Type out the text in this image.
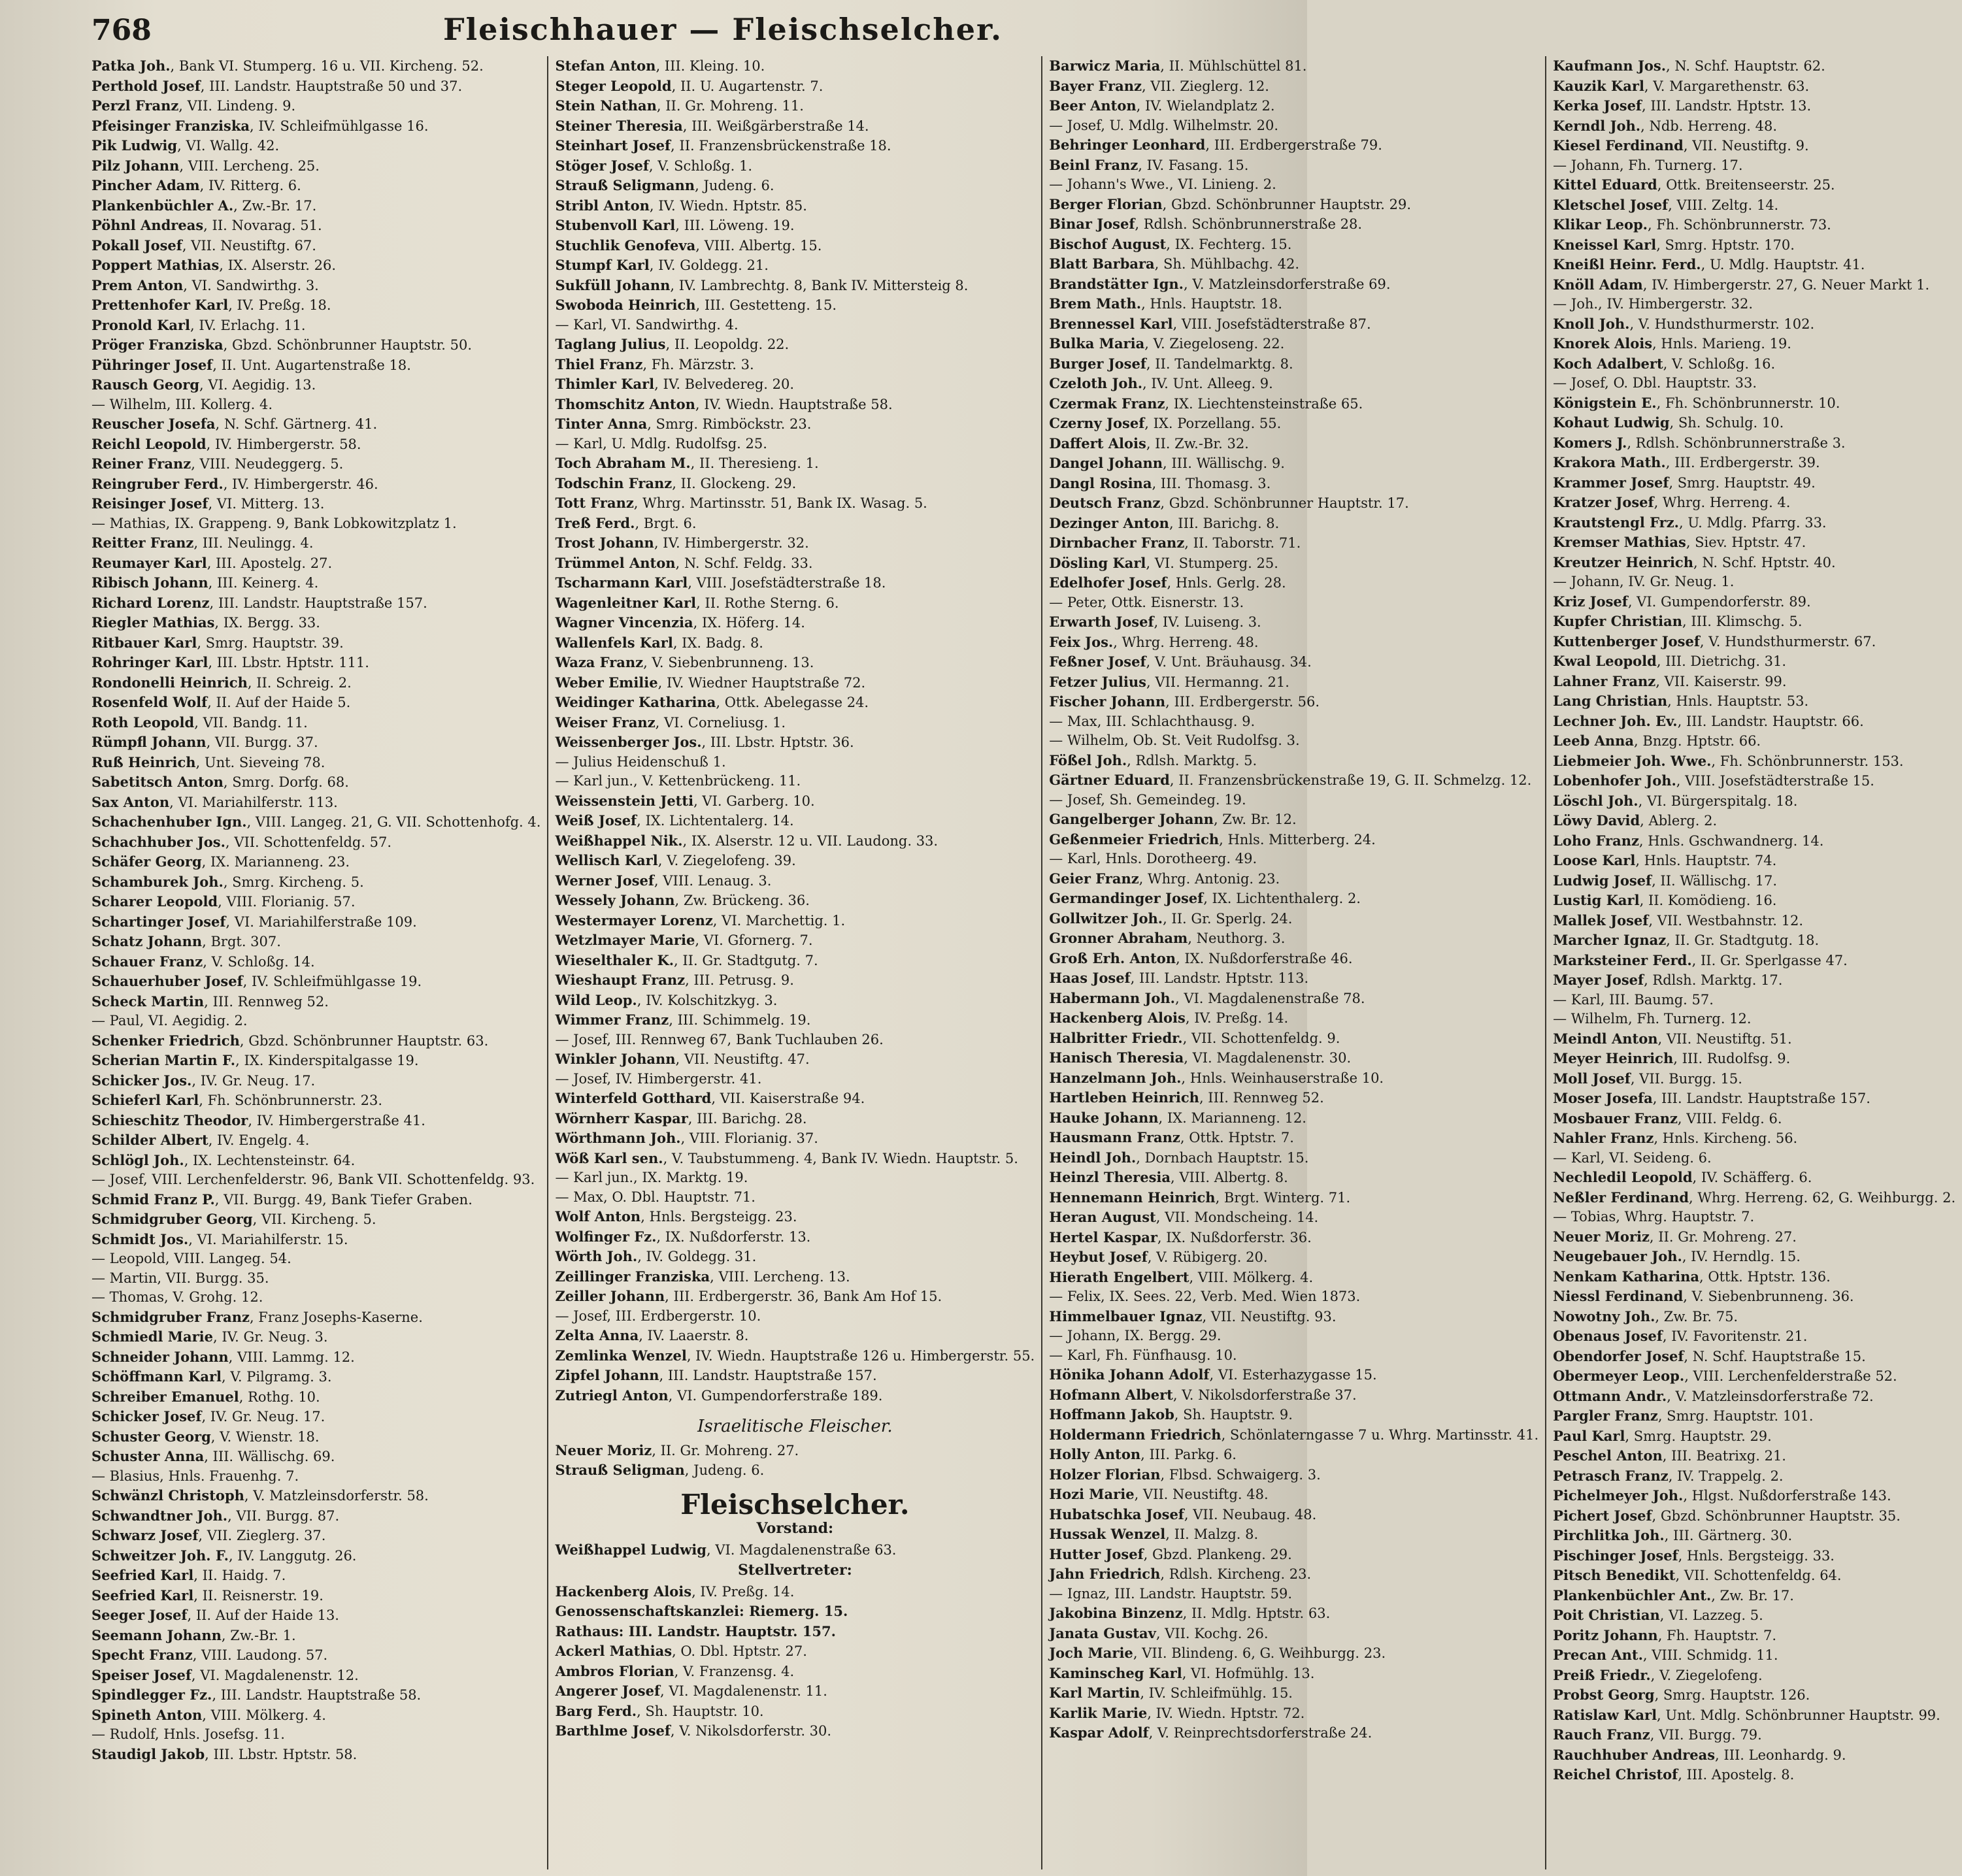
768	Fleischhauer — Fleischselcher.
Patka Joh., Bank VI. Stumperg. 16 u. VII. Kircheng. 52.
Perthold Josef, III. Landstr. Hauptstraße 50 und 37.
Perzl Franz, VII. Lindeng. 9.
Pfeisinger Franziska, IV. Schleifmühlgasse 16.
Pik Ludwig, VI. Wallg. 42.
Pilz Johann, VIII. Lercheng. 25.
Pincher Adam, IV. Ritterg. 6.
Plankenbüchler A., Zw.-Br. 17.
Pöhnl Andreas, II. Novarag. 51.
Pokall Josef, VII. Neustiftg. 67.
Poppert Mathias, IX. Alserstr. 26.
Prem Anton, VI. Sandwirthg. 3.
Prettenhofer Karl, IV. Preßg. 18.
Pronold Karl, IV. Erlachg. 11.
Pröger Franziska, Gbzd. Schönbrunner Hauptstr. 50.
Pühringer Josef, II. Unt. Augartenstraße 18.
Rausch Georg, VI. Aegidig. 13.
— Wilhelm, III. Kollerg. 4.
Reuscher Josefa, N. Schf. Gärtnerg. 41.
Reichl Leopold, IV. Himbergerstr. 58.
Reiner Franz, VIII. Neudeggerg. 5.
Reingruber Ferd., IV. Himbergerstr. 46.
Reisinger Josef, VI. Mitterg. 13.
— Mathias, IX. Grappeng. 9, Bank Lobkowitzplatz 1.
Reitter Franz, III. Neulingg. 4.
Reumayer Karl, III. Apostelg. 27.
Ribisch Johann, III. Keinerg. 4.
Richard Lorenz, III. Landstr. Hauptstraße 157.
Riegler Mathias, IX. Bergg. 33.
Ritbauer Karl, Smrg. Hauptstr. 39.
Rohringer Karl, III. Lbstr. Hptstr. 111.
Rondonelli Heinrich, II. Schreig. 2.
Rosenfeld Wolf, II. Auf der Haide 5.
Roth Leopold, VII. Bandg. 11.
Rümpfl Johann, VII. Burgg. 37.
Ruß Heinrich, Unt. Sieveing 78.
Sabetitsch Anton, Smrg. Dorfg. 68.
Sax Anton, VI. Mariahilferstr. 113.
Schachenhuber Ign., VIII. Langeg. 21, G. VII. Schottenhofg. 4.
Schachhuber Jos., VII. Schottenfeldg. 57.
Schäfer Georg, IX. Marianneng. 23.
Schamburek Joh., Smrg. Kircheng. 5.
Scharer Leopold, VIII. Florianig. 57.
Schartinger Josef, VI. Mariahilferstraße 109.
Schatz Johann, Brgt. 307.
Schauer Franz, V. Schloßg. 14.
Schauerhuber Josef, IV. Schleifmühlgasse 19.
Scheck Martin, III. Rennweg 52.
— Paul, VI. Aegidig. 2.
Schenker Friedrich, Gbzd. Schönbrunner Hauptstr. 63.
Scherian Martin F., IX. Kinderspitalgasse 19.
Schicker Jos., IV. Gr. Neug. 17.
Schieferl Karl, Fh. Schönbrunnerstr. 23.
Schieschitz Theodor, IV. Himbergerstraße 41.
Schilder Albert, IV. Engelg. 4.
Schlögl Joh., IX. Lechtensteinstr. 64.
— Josef, VIII. Lerchenfelderstr. 96, Bank VII. Schottenfeldg. 93.
Schmid Franz P., VII. Burgg. 49, Bank Tiefer Graben.
Schmidgruber Georg, VII. Kircheng. 5.
Schmidt Jos., VI. Mariahilferstr. 15.
— Leopold, VIII. Langeg. 54.
— Martin, VII. Burgg. 35.
— Thomas, V. Grohg. 12.
Schmidgruber Franz, Franz Josephs-Kaserne.
Schmiedl Marie, IV. Gr. Neug. 3.
Schneider Johann, VIII. Lammg. 12.
Schöffmann Karl, V. Pilgramg. 3.
Schreiber Emanuel, Rothg. 10.
Schicker Josef, IV. Gr. Neug. 17.
Schuster Georg, V. Wienstr. 18.
Schuster Anna, III. Wällischg. 69.
— Blasius, Hnls. Frauenhg. 7.
Schwänzl Christoph, V. Matzleinsdorferstr. 58.
Schwandtner Joh., VII. Burgg. 87.
Schwarz Josef, VII. Zieglerg. 37.
Schweitzer Joh. F., IV. Langgutg. 26.
Seefried Karl, II. Haidg. 7.
Seefried Karl, II. Reisnerstr. 19.
Seeger Josef, II. Auf der Haide 13.
Seemann Johann, Zw.-Br. 1.
Specht Franz, VIII. Laudong. 57.
Speiser Josef, VI. Magdalenenstr. 12.
Spindlegger Fz., III. Landstr. Hauptstraße 58.
Spineth Anton, VIII. Mölkerg. 4.
— Rudolf, Hnls. Josefsg. 11.
Staudigl Jakob, III. Lbstr. Hptstr. 58.
Stefan Anton, III. Kleing. 10.
Steger Leopold, II. U. Augartenstr. 7.
Stein Nathan, II. Gr. Mohreng. 11.
Steiner Theresia, III. Weißgärberstraße 14.
Steinhart Josef, II. Franzensbrückenstraße 18.
Stöger Josef, V. Schloßg. 1.
Strauß Seligmann, Judeng. 6.
Stribl Anton, IV. Wiedn. Hptstr. 85.
Stubenvoll Karl, III. Löweng. 19.
Stuchlik Genofeva, VIII. Albertg. 15.
Stumpf Karl, IV. Goldegg. 21.
Sukfüll Johann, IV. Lambrechtg. 8, Bank IV. Mittersteig 8.
Swoboda Heinrich, III. Gestetteng. 15.
— Karl, VI. Sandwirthg. 4.
Taglang Julius, II. Leopoldg. 22.
Thiel Franz, Fh. Märzstr. 3.
Thimler Karl, IV. Belvedereg. 20.
Thomschitz Anton, IV. Wiedn. Hauptstraße 58.
Tinter Anna, Smrg. Rimböckstr. 23.
— Karl, U. Mdlg. Rudolfsg. 25.
Toch Abraham M., II. Theresieng. 1.
Todschin Franz, II. Glockeng. 29.
Tott Franz, Whrg. Martinsstr. 51, Bank IX. Wasag. 5.
Treß Ferd., Brgt. 6.
Trost Johann, IV. Himbergerstr. 32.
Trümmel Anton, N. Schf. Feldg. 33.
Tscharmann Karl, VIII. Josefstädterstraße 18.
Wagenleitner Karl, II. Rothe Sterng. 6.
Wagner Vincenzia, IX. Höferg. 14.
Wallenfels Karl, IX. Badg. 8.
Waza Franz, V. Siebenbrunneng. 13.
Weber Emilie, IV. Wiedner Hauptstraße 72.
Weidinger Katharina, Ottk. Abelegasse 24.
Weiser Franz, VI. Corneliusg. 1.
Weissenberger Jos., III. Lbstr. Hptstr. 36.
— Julius Heidenschuß 1.
— Karl jun., V. Kettenbrückeng. 11.
Weissenstein Jetti, VI. Garberg. 10.
Weiß Josef, IX. Lichtentalerg. 14.
Weißhappel Nik., IX. Alserstr. 12 u. VII. Laudong. 33.
Wellisch Karl, V. Ziegelofeng. 39.
Werner Josef, VIII. Lenaug. 3.
Wessely Johann, Zw. Brückeng. 36.
Westermayer Lorenz, VI. Marchettig. 1.
Wetzlmayer Marie, VI. Gfornerg. 7.
Wieselthaler K., II. Gr. Stadtgutg. 7.
Wieshaupt Franz, III. Petrusg. 9.
Wild Leop., IV. Kolschitzkyg. 3.
Wimmer Franz, III. Schimmelg. 19.
— Josef, III. Rennweg 67, Bank Tuchlauben 26.
Winkler Johann, VII. Neustiftg. 47.
— Josef, IV. Himbergerstr. 41.
Winterfeld Gotthard, VII. Kaiserstraße 94.
Wörnherr Kaspar, III. Barichg. 28.
Wörthmann Joh., VIII. Florianig. 37.
Wöß Karl sen., V. Taubstummeng. 4, Bank IV. Wiedn. Hauptstr. 5.
— Karl jun., IX. Marktg. 19.
— Max, O. Dbl. Hauptstr. 71.
Wolf Anton, Hnls. Bergsteigg. 23.
Wolfinger Fz., IX. Nußdorferstr. 13.
Wörth Joh., IV. Goldegg. 31.
Zeillinger Franziska, VIII. Lercheng. 13.
Zeiller Johann, III. Erdbergerstr. 36, Bank Am Hof 15.
— Josef, III. Erdbergerstr. 10.
Zelta Anna, IV. Laaerstr. 8.
Zemlinka Wenzel, IV. Wiedn. Hauptstraße 126 u. Himbergerstr. 55.
Zipfel Johann, III. Landstr. Hauptstraße 157.
Zutriegl Anton, VI. Gumpendorferstraße 189.
Israelitische Fleischer.
Neuer Moriz, II. Gr. Mohreng. 27.
Strauß Seligman, Judeng. 6.
Fleischselcher.
Vorstand:
Weißhappel Ludwig, VI. Magdalenenstraße 63.
Stellvertreter:
Hackenberg Alois, IV. Preßg. 14.
Genossenschaftskanzlei: Riemerg. 15.
Rathaus: III. Landstr. Hauptstr. 157.
Ackerl Mathias, O. Dbl. Hptstr. 27.
Ambros Florian, V. Franzensg. 4.
Angerer Josef, VI. Magdalenenstr. 11.
Barg Ferd., Sh. Hauptstr. 10.
Barthlme Josef, V. Nikolsdorferstr. 30.
Barwicz Maria, II. Mühlschüttel 81.
Bayer Franz, VII. Zieglerg. 12.
Beer Anton, IV. Wielandplatz 2.
— Josef, U. Mdlg. Wilhelmstr. 20.
Behringer Leonhard, III. Erdbergerstraße 79.
Beinl Franz, IV. Fasang. 15.
— Johann's Wwe., VI. Linieng. 2.
Berger Florian, Gbzd. Schönbrunner Hauptstr. 29.
Binar Josef, Rdlsh. Schönbrunnerstraße 28.
Bischof August, IX. Fechterg. 15.
Blatt Barbara, Sh. Mühlbachg. 42.
Brandstätter Ign., V. Matzleinsdorferstraße 69.
Brem Math., Hnls. Hauptstr. 18.
Brennessel Karl, VIII. Josefstädterstraße 87.
Bulka Maria, V. Ziegeloseng. 22.
Burger Josef, II. Tandelmarktg. 8.
Czeloth Joh., IV. Unt. Alleeg. 9.
Czermak Franz, IX. Liechtensteinstraße 65.
Czerny Josef, IX. Porzellang. 55.
Daffert Alois, II. Zw.-Br. 32.
Dangel Johann, III. Wällischg. 9.
Dangl Rosina, III. Thomasg. 3.
Deutsch Franz, Gbzd. Schönbrunner Hauptstr. 17.
Dezinger Anton, III. Barichg. 8.
Dirnbacher Franz, II. Taborstr. 71.
Dösling Karl, VI. Stumperg. 25.
Edelhofer Josef, Hnls. Gerlg. 28.
— Peter, Ottk. Eisnerstr. 13.
Erwarth Josef, IV. Luiseng. 3.
Feix Jos., Whrg. Herreng. 48.
Feßner Josef, V. Unt. Bräuhausg. 34.
Fetzer Julius, VII. Hermanng. 21.
Fischer Johann, III. Erdbergerstr. 56.
— Max, III. Schlachthausg. 9.
— Wilhelm, Ob. St. Veit Rudolfsg. 3.
Fößel Joh., Rdlsh. Marktg. 5.
Gärtner Eduard, II. Franzensbrückenstraße 19, G. II. Schmelzg. 12.
— Josef, Sh. Gemeindeg. 19.
Gangelberger Johann, Zw. Br. 12.
Geßenmeier Friedrich, Hnls. Mitterberg. 24.
— Karl, Hnls. Dorotheerg. 49.
Geier Franz, Whrg. Antonig. 23.
Germandinger Josef, IX. Lichtenthalerg. 2.
Gollwitzer Joh., II. Gr. Sperlg. 24.
Gronner Abraham, Neuthorg. 3.
Groß Erh. Anton, IX. Nußdorferstraße 46.
Haas Josef, III. Landstr. Hptstr. 113.
Habermann Joh., VI. Magdalenenstraße 78.
Hackenberg Alois, IV. Preßg. 14.
Halbritter Friedr., VII. Schottenfeldg. 9.
Hanisch Theresia, VI. Magdalenenstr. 30.
Hanzelmann Joh., Hnls. Weinhauserstraße 10.
Hartleben Heinrich, III. Rennweg 52.
Hauke Johann, IX. Marianneng. 12.
Hausmann Franz, Ottk. Hptstr. 7.
Heindl Joh., Dornbach Hauptstr. 15.
Heinzl Theresia, VIII. Albertg. 8.
Hennemann Heinrich, Brgt. Winterg. 71.
Heran August, VII. Mondscheing. 14.
Hertel Kaspar, IX. Nußdorferstr. 36.
Heybut Josef, V. Rübigerg. 20.
Hierath Engelbert, VIII. Mölkerg. 4.
— Felix, IX. Sees. 22, Verb. Med. Wien 1873.
Himmelbauer Ignaz, VII. Neustiftg. 93.
— Johann, IX. Bergg. 29.
— Karl, Fh. Fünfhausg. 10.
Hönika Johann Adolf, VI. Esterhazygasse 15.
Hofmann Albert, V. Nikolsdorferstraße 37.
Hoffmann Jakob, Sh. Hauptstr. 9.
Holdermann Friedrich, Schönlaterngasse 7 u. Whrg. Martinsstr. 41.
Holly Anton, III. Parkg. 6.
Holzer Florian, Flbsd. Schwaigerg. 3.
Hozi Marie, VII. Neustiftg. 48.
Hubatschka Josef, VII. Neubaug. 48.
Hussak Wenzel, II. Malzg. 8.
Hutter Josef, Gbzd. Plankeng. 29.
Jahn Friedrich, Rdlsh. Kircheng. 23.
— Ignaz, III. Landstr. Hauptstr. 59.
Jakobina Binzenz, II. Mdlg. Hptstr. 63.
Janata Gustav, VII. Kochg. 26.
Joch Marie, VII. Blindeng. 6, G. Weihburgg. 23.
Kaminscheg Karl, VI. Hofmühlg. 13.
Karl Martin, IV. Schleifmühlg. 15.
Karlik Marie, IV. Wiedn. Hptstr. 72.
Kaspar Adolf, V. Reinprechtsdorferstraße 24.
Kaufmann Jos., N. Schf. Hauptstr. 62.
Kauzik Karl, V. Margarethenstr. 63.
Kerka Josef, III. Landstr. Hptstr. 13.
Kerndl Joh., Ndb. Herreng. 48.
Kiesel Ferdinand, VII. Neustiftg. 9.
— Johann, Fh. Turnerg. 17.
Kittel Eduard, Ottk. Breitenseerstr. 25.
Kletschel Josef, VIII. Zeltg. 14.
Klikar Leop., Fh. Schönbrunnerstr. 73.
Kneissel Karl, Smrg. Hptstr. 170.
Kneißl Heinr. Ferd., U. Mdlg. Hauptstr. 41.
Knöll Adam, IV. Himbergerstr. 27, G. Neuer Markt 1.
— Joh., IV. Himbergerstr. 32.
Knoll Joh., V. Hundsthurmerstr. 102.
Knorek Alois, Hnls. Marieng. 19.
Koch Adalbert, V. Schloßg. 16.
— Josef, O. Dbl. Hauptstr. 33.
Königstein E., Fh. Schönbrunnerstr. 10.
Kohaut Ludwig, Sh. Schulg. 10.
Komers J., Rdlsh. Schönbrunnerstraße 3.
Krakora Math., III. Erdbergerstr. 39.
Krammer Josef, Smrg. Hauptstr. 49.
Kratzer Josef, Whrg. Herreng. 4.
Krautstengl Frz., U. Mdlg. Pfarrg. 33.
Kremser Mathias, Siev. Hptstr. 47.
Kreutzer Heinrich, N. Schf. Hptstr. 40.
— Johann, IV. Gr. Neug. 1.
Kriz Josef, VI. Gumpendorferstr. 89.
Kupfer Christian, III. Klimschg. 5.
Kuttenberger Josef, V. Hundsthurmerstr. 67.
Kwal Leopold, III. Dietrichg. 31.
Lahner Franz, VII. Kaiserstr. 99.
Lang Christian, Hnls. Hauptstr. 53.
Lechner Joh. Ev., III. Landstr. Hauptstr. 66.
Leeb Anna, Bnzg. Hptstr. 66.
Liebmeier Joh. Wwe., Fh. Schönbrunnerstr. 153.
Lobenhofer Joh., VIII. Josefstädterstraße 15.
Löschl Joh., VI. Bürgerspitalg. 18.
Löwy David, Ablerg. 2.
Loho Franz, Hnls. Gschwandnerg. 14.
Loose Karl, Hnls. Hauptstr. 74.
Ludwig Josef, II. Wällischg. 17.
Lustig Karl, II. Komödieng. 16.
Mallek Josef, VII. Westbahnstr. 12.
Marcher Ignaz, II. Gr. Stadtgutg. 18.
Marksteiner Ferd., II. Gr. Sperlgasse 47.
Mayer Josef, Rdlsh. Marktg. 17.
— Karl, III. Baumg. 57.
— Wilhelm, Fh. Turnerg. 12.
Meindl Anton, VII. Neustiftg. 51.
Meyer Heinrich, III. Rudolfsg. 9.
Moll Josef, VII. Burgg. 15.
Moser Josefa, III. Landstr. Hauptstraße 157.
Mosbauer Franz, VIII. Feldg. 6.
Nahler Franz, Hnls. Kircheng. 56.
— Karl, VI. Seideng. 6.
Nechledil Leopold, IV. Schäfferg. 6.
Neßler Ferdinand, Whrg. Herreng. 62, G. Weihburgg. 2.
— Tobias, Whrg. Hauptstr. 7.
Neuer Moriz, II. Gr. Mohreng. 27.
Neugebauer Joh., IV. Herndlg. 15.
Nenkam Katharina, Ottk. Hptstr. 136.
Niessl Ferdinand, V. Siebenbrunneng. 36.
Nowotny Joh., Zw. Br. 75.
Obenaus Josef, IV. Favoritenstr. 21.
Obendorfer Josef, N. Schf. Hauptstraße 15.
Obermeyer Leop., VIII. Lerchenfelderstraße 52.
Ottmann Andr., V. Matzleinsdorferstraße 72.
Pargler Franz, Smrg. Hauptstr. 101.
Paul Karl, Smrg. Hauptstr. 29.
Peschel Anton, III. Beatrixg. 21.
Petrasch Franz, IV. Trappelg. 2.
Pichelmeyer Joh., Hlgst. Nußdorferstraße 143.
Pichert Josef, Gbzd. Schönbrunner Hauptstr. 35.
Pirchlitka Joh., III. Gärtnerg. 30.
Pischinger Josef, Hnls. Bergsteigg. 33.
Pitsch Benedikt, VII. Schottenfeldg. 64.
Plankenbüchler Ant., Zw. Br. 17.
Poit Christian, VI. Lazzeg. 5.
Poritz Johann, Fh. Hauptstr. 7.
Precan Ant., VIII. Schmidg. 11.
Preiß Friedr., V. Ziegelofeng.
Probst Georg, Smrg. Hauptstr. 126.
Ratislaw Karl, Unt. Mdlg. Schönbrunner Hauptstr. 99.
Rauch Franz, VII. Burgg. 79.
Rauchhuber Andreas, III. Leonhardg. 9.
Reichel Christof, III. Apostelg. 8.
